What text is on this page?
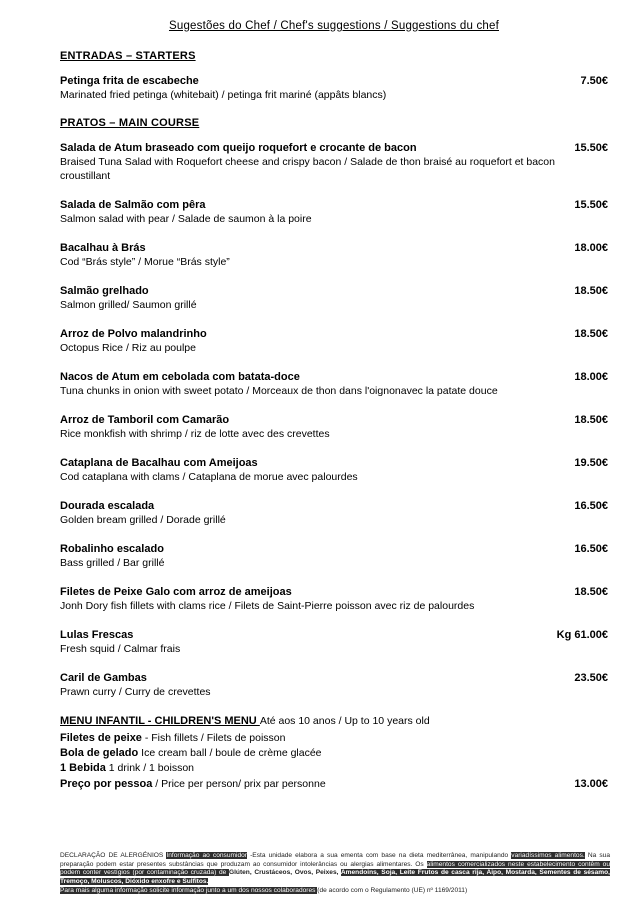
Sugestões do Chef / Chef's suggestions / Suggestions du chef
ENTRADAS – STARTERS
Petinga frita de escabeche	7.50€
Marinated fried petinga (whitebait) / petinga frit mariné (appâts blancs)
PRATOS – MAIN COURSE
Salada de Atum braseado com queijo roquefort e crocante de bacon	15.50€
Braised Tuna Salad with Roquefort cheese and crispy bacon / Salade de thon braisé au roquefort et bacon croustillant
Salada de Salmão com pêra	15.50€
Salmon salad with pear / Salade de saumon à la poire
Bacalhau à Brás	18.00€
Cod “Brás style” / Morue “Brás style”
Salmão grelhado	18.50€
Salmon grilled/ Saumon grillé
Arroz de Polvo malandrinho	18.50€
Octopus Rice / Riz au poulpe
Nacos de Atum em cebolada com batata-doce	18.00€
Tuna chunks in onion with sweet potato / Morceaux de thon dans l'oignonavec la patate douce
Arroz de Tamboril com Camarão	18.50€
Rice monkfish with shrimp / riz de lotte avec des crevettes
Cataplana de Bacalhau com Ameijoas	19.50€
Cod cataplana with clams / Cataplana de morue avec palourdes
Dourada escalada	16.50€
Golden bream grilled / Dorade grillé
Robalinho escalado	16.50€
Bass grilled / Bar grillé
Filetes de Peixe Galo com arroz de ameijoas	18.50€
Jonh Dory fish fillets with clams rice / Filets de Saint-Pierre poisson avec riz de palourdes
Lulas Frescas	Kg 61.00€
Fresh squid / Calmar frais
Caril de Gambas	23.50€
Prawn curry / Curry de crevettes
MENU INFANTIL - CHILDREN'S MENU Até aos 10 anos / Up to 10 years old
Filetes de peixe - Fish fillets / Filets de poisson
Bola de gelado Ice cream ball / boule de crème glacée
1 Bebida 1 drink / 1 boisson
Preço por pessoa / Price per person/ prix par personne	13.00€
DECLARAÇÃO DE ALERGÉNIOS Informação ao consumidor -Esta unidade elabora a sua ementa com base na dieta mediterrânea, manipulando variadíssimos alimentos. Na sua preparação podem estar presentes substâncias que produzam ao consumidor intolerâncias ou alergias alimentares. Os alimentos comercializados neste estabelecimento contêm ou podem conter vestígios (por contaminação cruzada) de Glúten, Crustáceos, Ovos, Peixes, Amendoins, Soja, Leite Frutos de casca rija, Aipo, Mostarda, Sementes de sésamo, Tremoço, Moluscos, Dióxido enxofre e Sulfitos.
Para mais alguma informação solicite informação junto a um dos nossos colaboradores (de acordo com o Regulamento (UE) nº 1169/2011)
